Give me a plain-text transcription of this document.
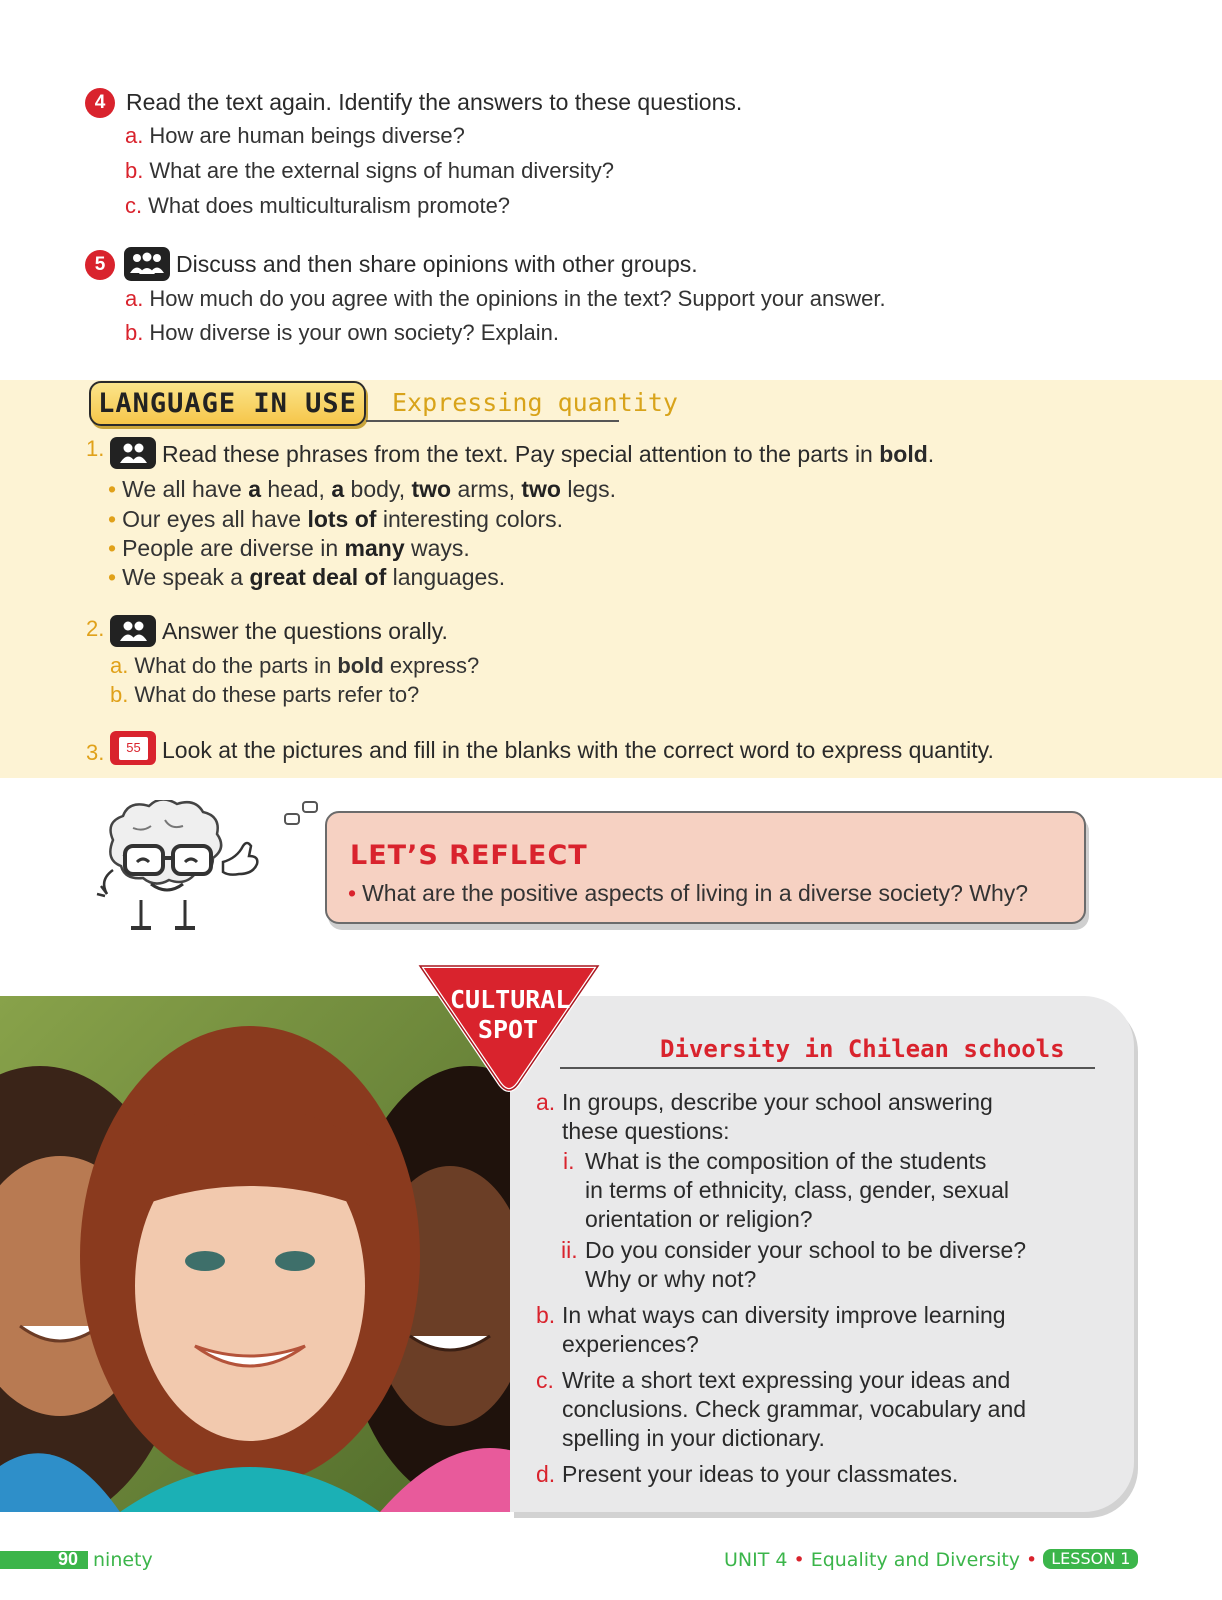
4 Read the text again. Identify the answers to these questions.
a. How are human beings diverse?
b. What are the external signs of human diversity?
c. What does multiculturalism promote?
5	Discuss and then share opinions with other groups.
a. How much do you agree with the opinions in the text? Support your answer.
b. How diverse is your own society? Explain.
LANGUAGE IN USE	Expressing quantity
1.	Read these phrases from the text. Pay special attention to the parts in bold.
• We all have a head, a body, two arms, two legs.
• Our eyes all have lots of interesting colors.
• People are diverse in many ways.
• We speak a great deal of languages.
2.	Answer the questions orally.
a. What do the parts in bold express?
b. What do these parts refer to?
3.	55 Look at the pictures and fill in the blanks with the correct word to express quantity.
LET’S REFLECT
• What are the positive aspects of living in a diverse society? Why?
CULTURAL
SPOT
Diversity in Chilean schools
a. In groups, describe your school answering
these questions:
i. What is the composition of the students
in terms of ethnicity, class, gender, sexual
orientation or religion?
ii. Do you consider your school to be diverse?
Why or why not?
b. In what ways can diversity improve learning
experiences?
c. Write a short text expressing your ideas and
conclusions. Check grammar, vocabulary and
spelling in your dictionary.
d. Present your ideas to your classmates.
90 ninety	UNIT 4 • Equality and Diversity • LESSON 1
